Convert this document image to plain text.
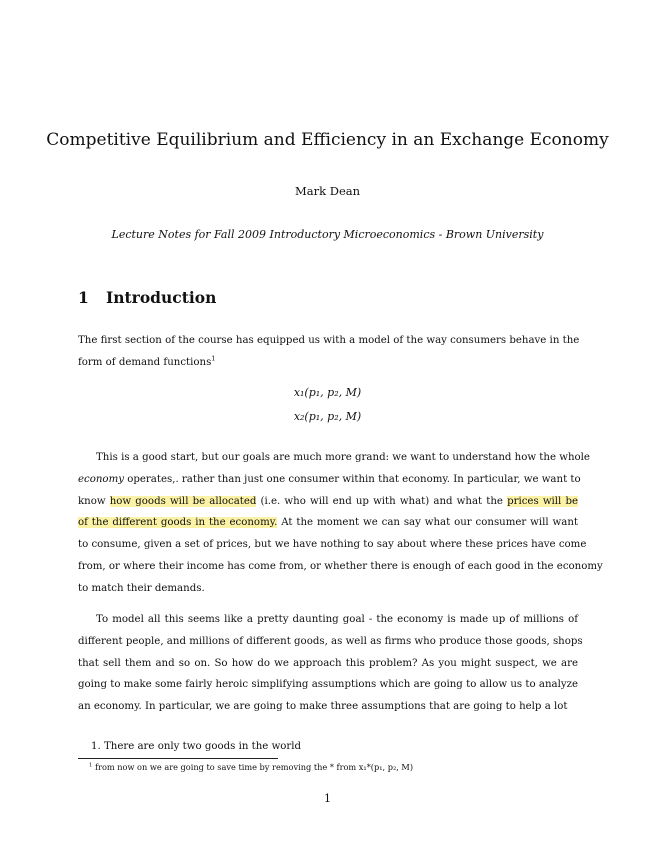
Competitive Equilibrium and Efficiency in an Exchange Economy
Mark Dean
Lecture Notes for Fall 2009 Introductory Microeconomics - Brown University
1 Introduction
The first section of the course has equipped us with a model of the way consumers behave in the
form of demand functions$^1$
x₁(p₁, p₂, M)
x₂(p₁, p₂, M)
This is a good start, but our goals are much more grand: we want to understand how the whole
economy operates,. rather than just one consumer within that economy. In particular, we want to
know how goods will be allocated (i.e. who will end up with what) and what the prices will be
of the different goods in the economy. At the moment we can say what our consumer will want
to consume, given a set of prices, but we have nothing to say about where these prices have come
from, or where their income has come from, or whether there is enough of each good in the economy
to match their demands.
To model all this seems like a pretty daunting goal - the economy is made up of millions of
different people, and millions of different goods, as well as firms who produce those goods, shops
that sell them and so on. So how do we approach this problem? As you might suspect, we are
going to make some fairly heroic simplifying assumptions which are going to allow us to analyze
an economy. In particular, we are going to make three assumptions that are going to help a lot
1. There are only two goods in the world
$^1$ from now on we are going to save time by removing the * from x₁*(p₁, p₂, M)
1
